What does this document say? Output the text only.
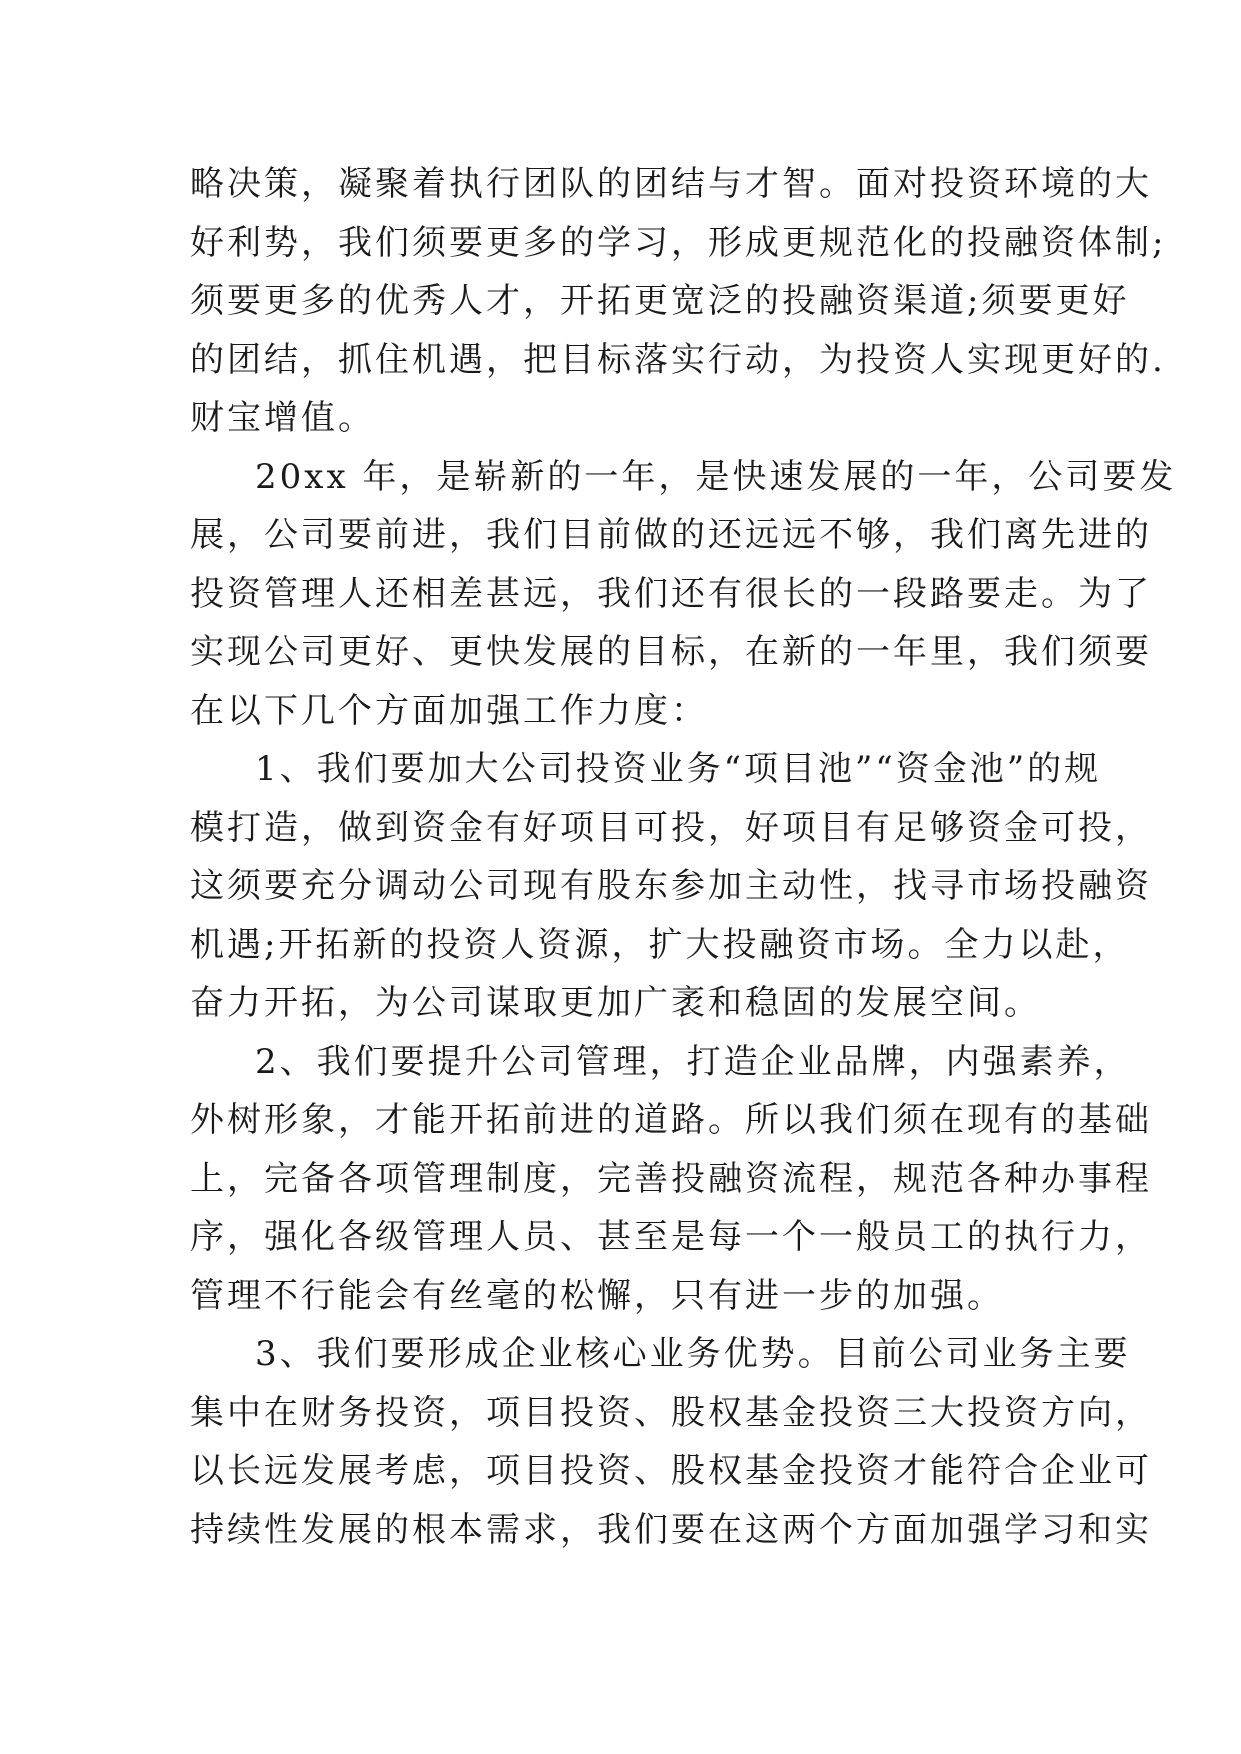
略决策，凝聚着执行团队的团结与才智。面对投资环境的大
好利势，我们须要更多的学习，形成更规范化的投融资体制;
须要更多的优秀人才，开拓更宽泛的投融资渠道;须要更好
的团结，抓住机遇，把目标落实行动，为投资人实现更好的.
财宝增值。
20xx 年，是崭新的一年，是快速发展的一年，公司要发
展，公司要前进，我们目前做的还远远不够，我们离先进的
投资管理人还相差甚远，我们还有很长的一段路要走。为了
实现公司更好、更快发展的目标，在新的一年里，我们须要
在以下几个方面加强工作力度：
1、我们要加大公司投资业务“项目池”“资金池”的规
模打造，做到资金有好项目可投，好项目有足够资金可投，
这须要充分调动公司现有股东参加主动性，找寻市场投融资
机遇;开拓新的投资人资源，扩大投融资市场。全力以赴，
奋力开拓，为公司谋取更加广袤和稳固的发展空间。
2、我们要提升公司管理，打造企业品牌，内强素养，
外树形象，才能开拓前进的道路。所以我们须在现有的基础
上，完备各项管理制度，完善投融资流程，规范各种办事程
序，强化各级管理人员、甚至是每一个一般员工的执行力，
管理不行能会有丝毫的松懈，只有进一步的加强。
3、我们要形成企业核心业务优势。目前公司业务主要
集中在财务投资，项目投资、股权基金投资三大投资方向，
以长远发展考虑，项目投资、股权基金投资才能符合企业可
持续性发展的根本需求，我们要在这两个方面加强学习和实
